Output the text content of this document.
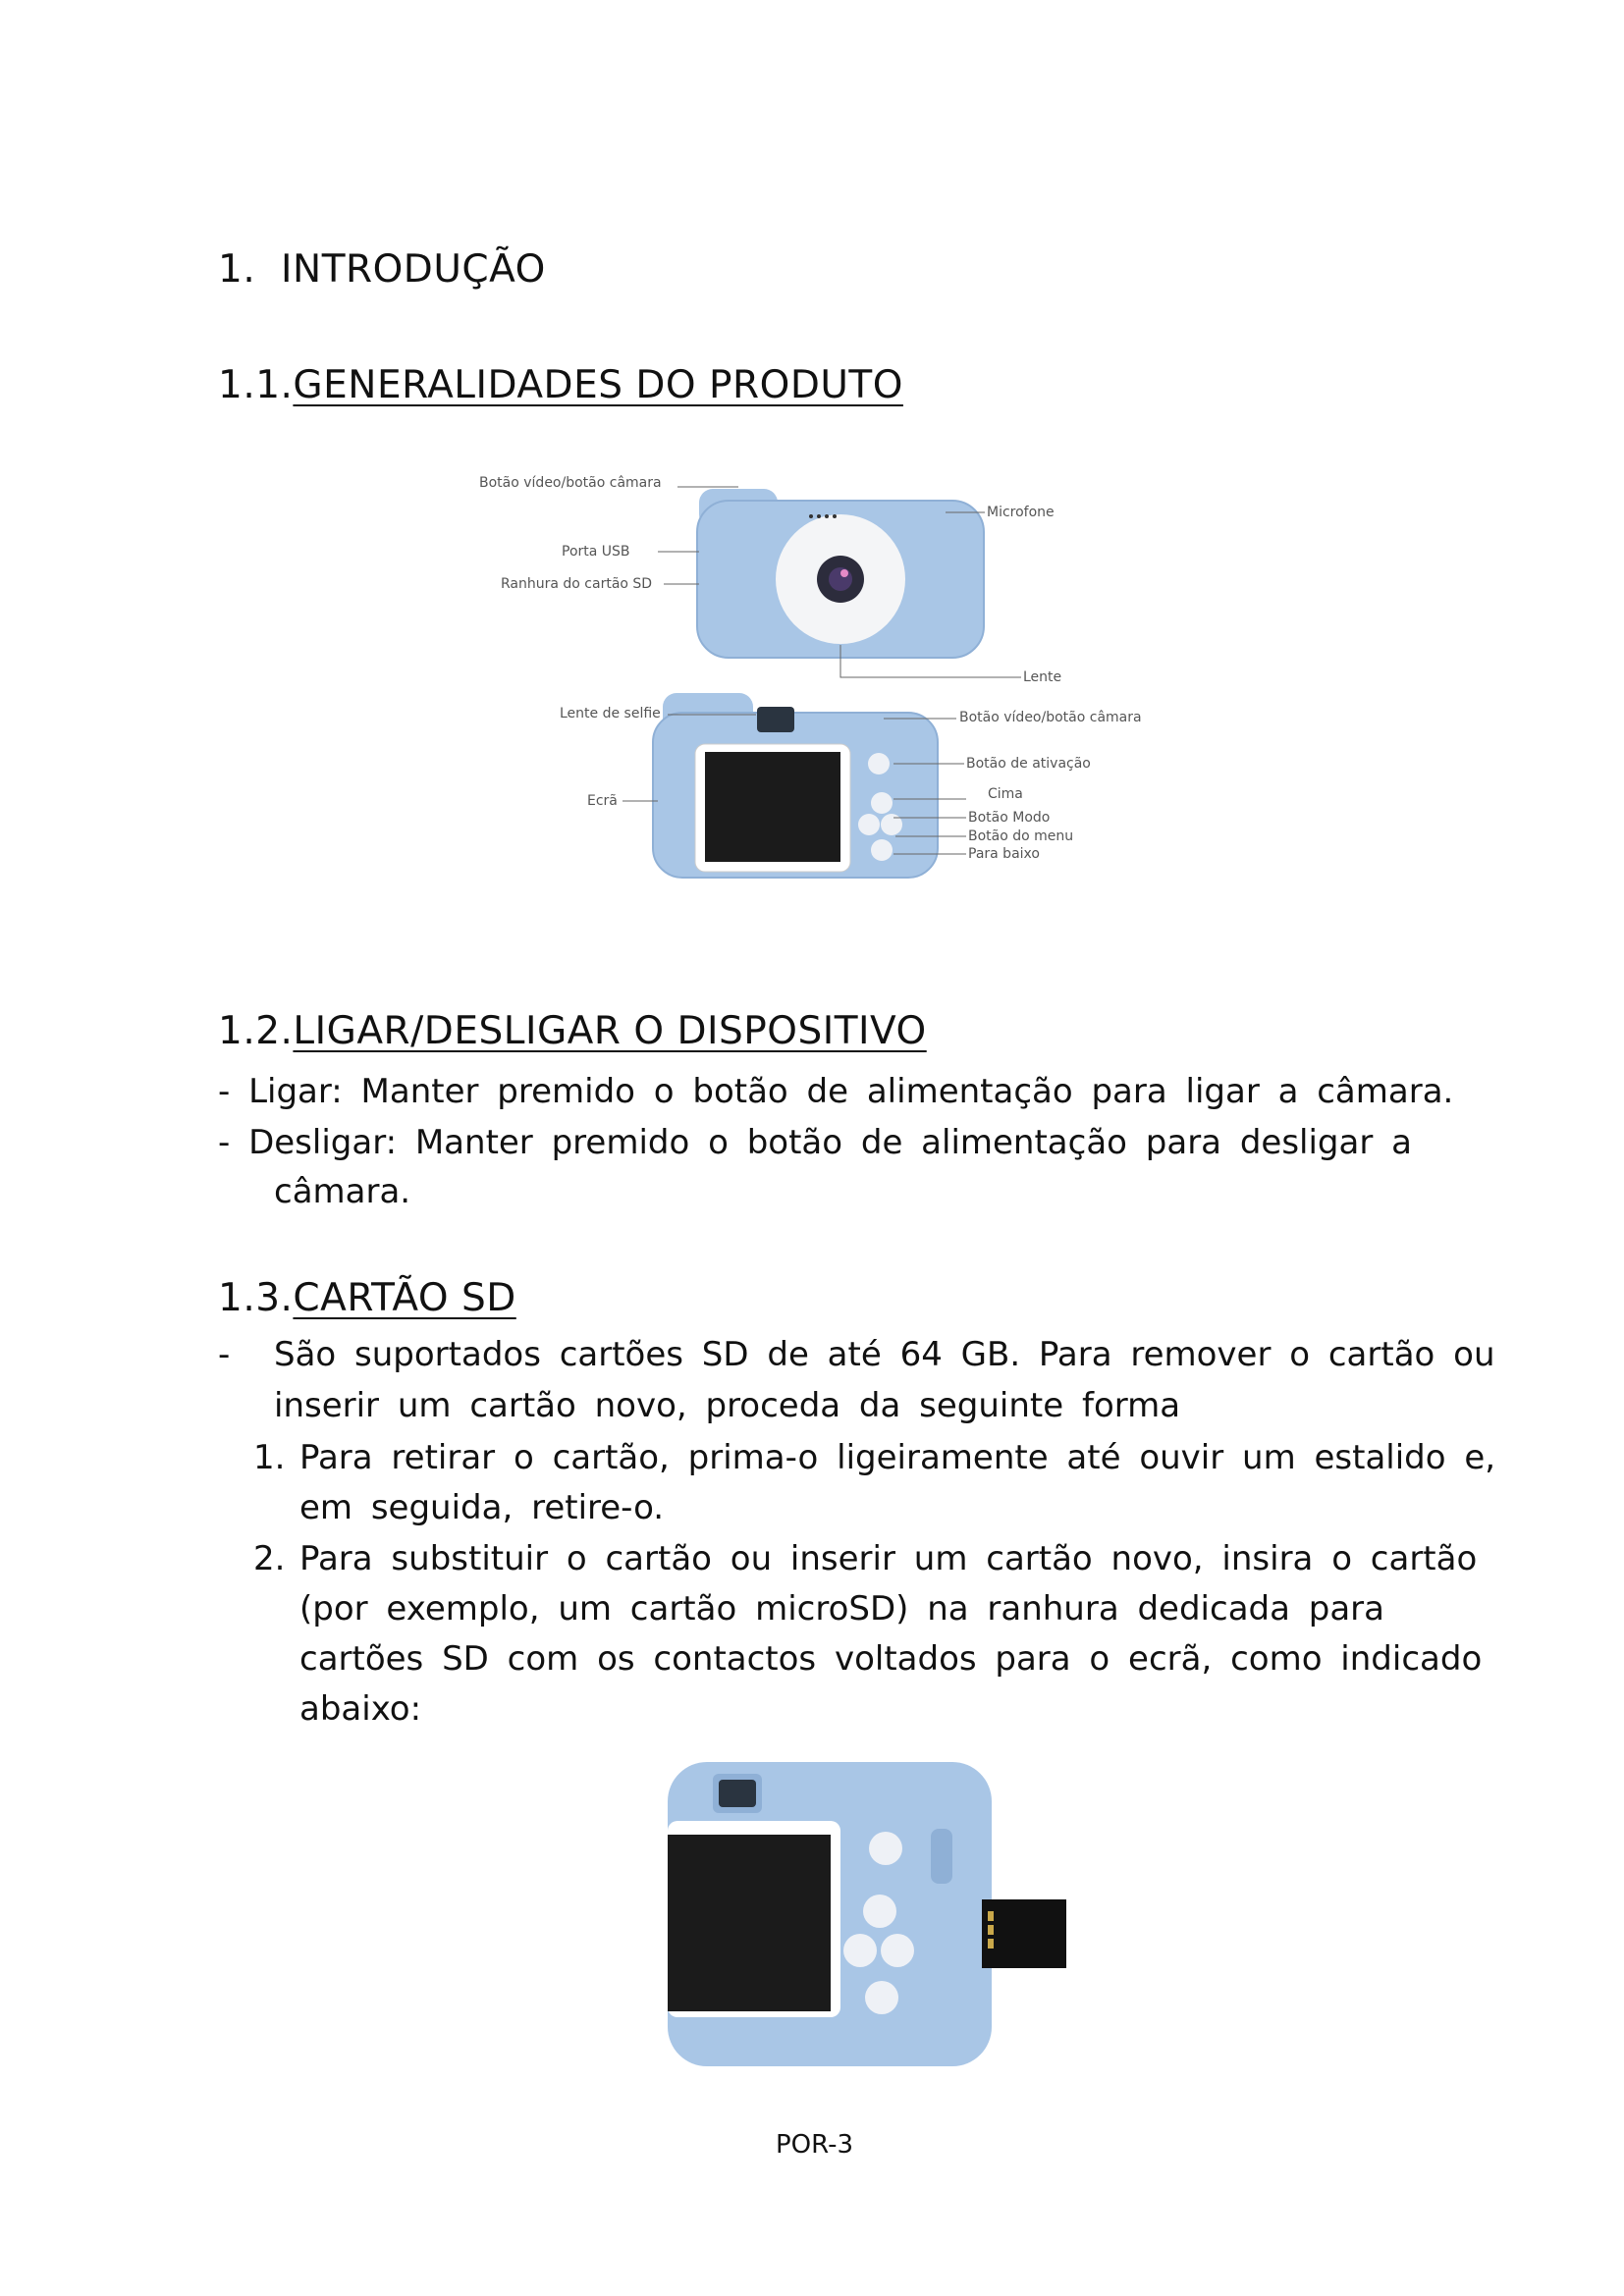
1. INTRODUÇÃO
1.1.GENERALIDADES DO PRODUTO
Botão vídeo/botão câmara
Microfone
Porta USB
Ranhura do cartão SD
Lente
Lente de selfie	Botão vídeo/botão câmara
Botão de ativação
Ecrã	Cima
Botão Modo
Botão do menu
Para baixo
1.2.LIGAR/DESLIGAR O DISPOSITIVO
- Ligar: Manter premido o botão de alimentação para ligar a câmara.
- Desligar: Manter premido o botão de alimentação para desligar a
câmara.
1.3.CARTÃO SD
- São suportados cartões SD de até 64 GB. Para remover o cartão ou
inserir um cartão novo, proceda da seguinte forma
1. Para retirar o cartão, prima-o ligeiramente até ouvir um estalido e,
em seguida, retire-o.
2. Para substituir o cartão ou inserir um cartão novo, insira o cartão
(por exemplo, um cartão microSD) na ranhura dedicada para
cartões SD com os contactos voltados para o ecrã, como indicado
abaixo:
POR-3
